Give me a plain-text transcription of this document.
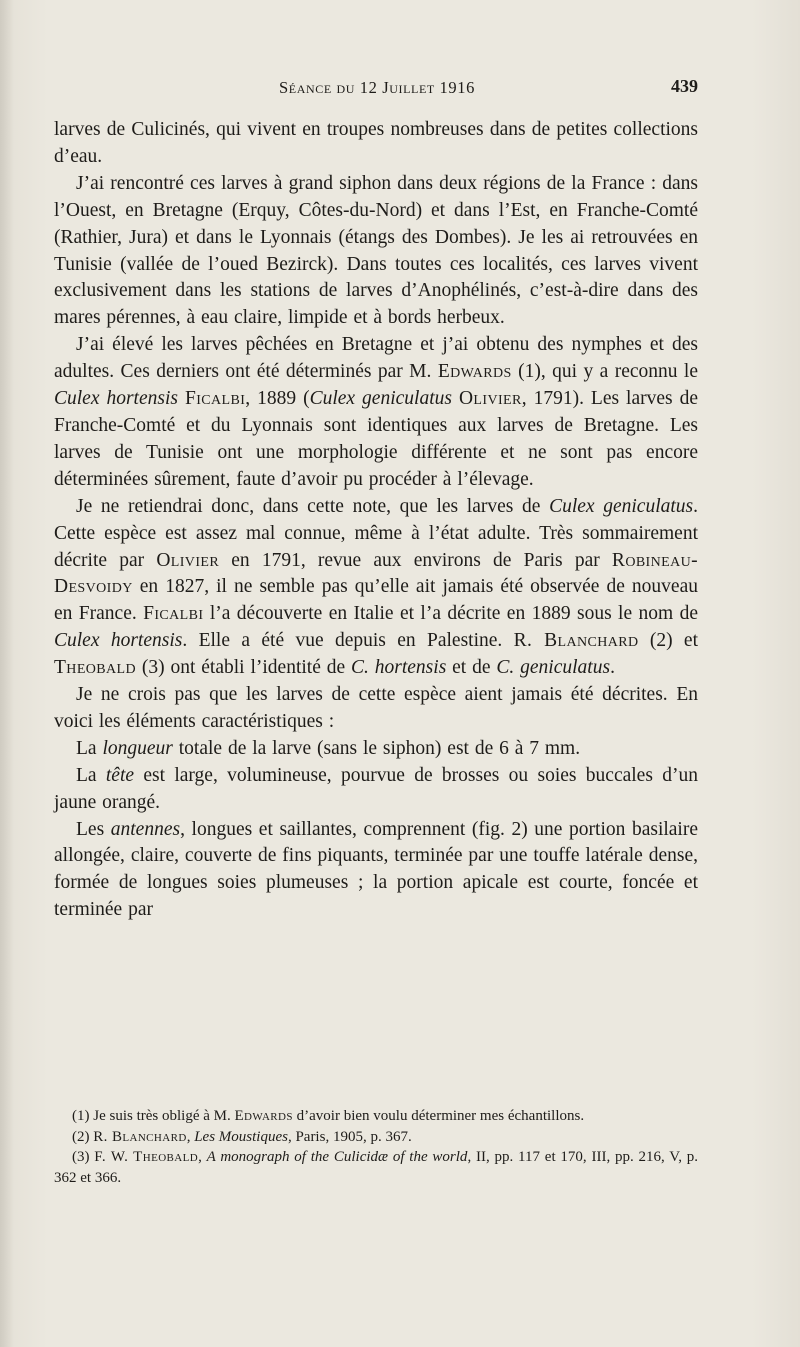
Séance du 12 Juillet 1916	439

larves de Culicinés, qui vivent en troupes nombreuses dans de petites collections d’eau.

J’ai rencontré ces larves à grand siphon dans deux régions de la France : dans l’Ouest, en Bretagne (Erquy, Côtes-du-Nord) et dans l’Est, en Franche-Comté (Rathier, Jura) et dans le Lyonnais (étangs des Dombes). Je les ai retrouvées en Tunisie (vallée de l’oued Bezirck). Dans toutes ces localités, ces larves vivent exclusivement dans les stations de larves d’Anophélinés, c’est-à-dire dans des mares pérennes, à eau claire, limpide et à bords herbeux.

J’ai élevé les larves pêchées en Bretagne et j’ai obtenu des nymphes et des adultes. Ces derniers ont été déterminés par M. Edwards (1), qui y a reconnu le Culex hortensis Ficalbi, 1889 (Culex geniculatus Olivier, 1791). Les larves de Franche-Comté et du Lyonnais sont identiques aux larves de Bretagne. Les larves de Tunisie ont une morphologie différente et ne sont pas encore déterminées sûrement, faute d’avoir pu procéder à l’élevage.

Je ne retiendrai donc, dans cette note, que les larves de Culex geniculatus. Cette espèce est assez mal connue, même à l’état adulte. Très sommairement décrite par Olivier en 1791, revue aux environs de Paris par Robineau-Desvoidy en 1827, il ne semble pas qu’elle ait jamais été observée de nouveau en France. Ficalbi l’a découverte en Italie et l’a décrite en 1889 sous le nom de Culex hortensis. Elle a été vue depuis en Palestine. R. Blanchard (2) et Theobald (3) ont établi l’identité de C. hortensis et de C. geniculatus.

Je ne crois pas que les larves de cette espèce aient jamais été décrites. En voici les éléments caractéristiques :

La longueur totale de la larve (sans le siphon) est de 6 à 7 mm.

La tête est large, volumineuse, pourvue de brosses ou soies buccales d’un jaune orangé.

Les antennes, longues et saillantes, comprennent (fig. 2) une portion basilaire allongée, claire, couverte de fins piquants, terminée par une touffe latérale dense, formée de longues soies plumeuses ; la portion apicale est courte, foncée et terminée par

(1) Je suis très obligé à M. Edwards d’avoir bien voulu déterminer mes échantillons.

(2) R. Blanchard, Les Moustiques, Paris, 1905, p. 367.

(3) F. W. Theobald, A monograph of the Culicidæ of the world, II, pp. 117 et 170, III, pp. 216, V, p. 362 et 366.
